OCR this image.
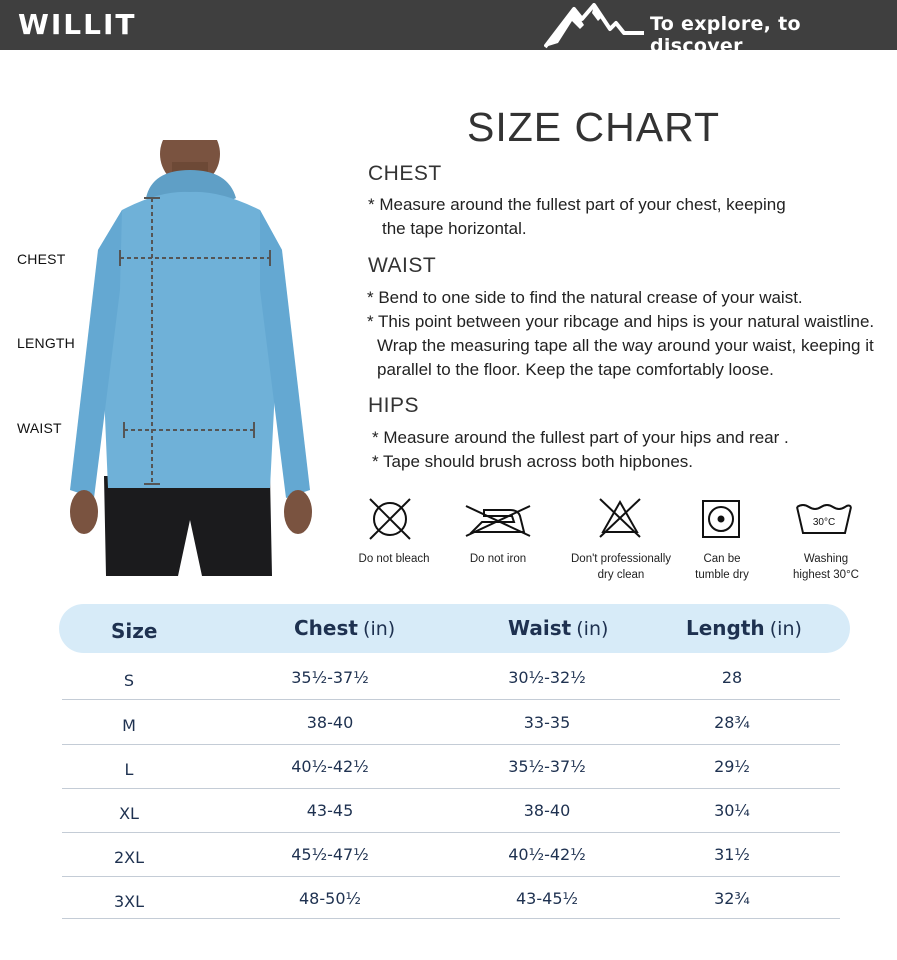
WILLIT	To explore, to discover
CHEST
LENGTH
WAIST
SIZE CHART
CHEST
* Measure around the fullest part of your chest, keeping
the tape horizontal.
WAIST
* Bend to one side to find the natural crease of your waist.
* This point between your ribcage and hips is your natural waistline.
Wrap the measuring tape all the way around your waist, keeping it
parallel to the floor. Keep the tape comfortably loose.
HIPS
* Measure around the fullest part of your hips and rear .
* Tape should brush across both hipbones.
Do not bleach	Do not iron	Don't professionally
dry clean
Can be
tumble dry
30°C
Washing
highest 30°C
Size	Chest (in)	Waist (in)	Length (in)
S	35½-37½	30½-32½	28
M	38-40	33-35	28¾
L	40½-42½	35½-37½	29½
XL	43-45	38-40	30¼
2XL	45½-47½	40½-42½	31½
3XL	48-50½	43-45½	32¾
